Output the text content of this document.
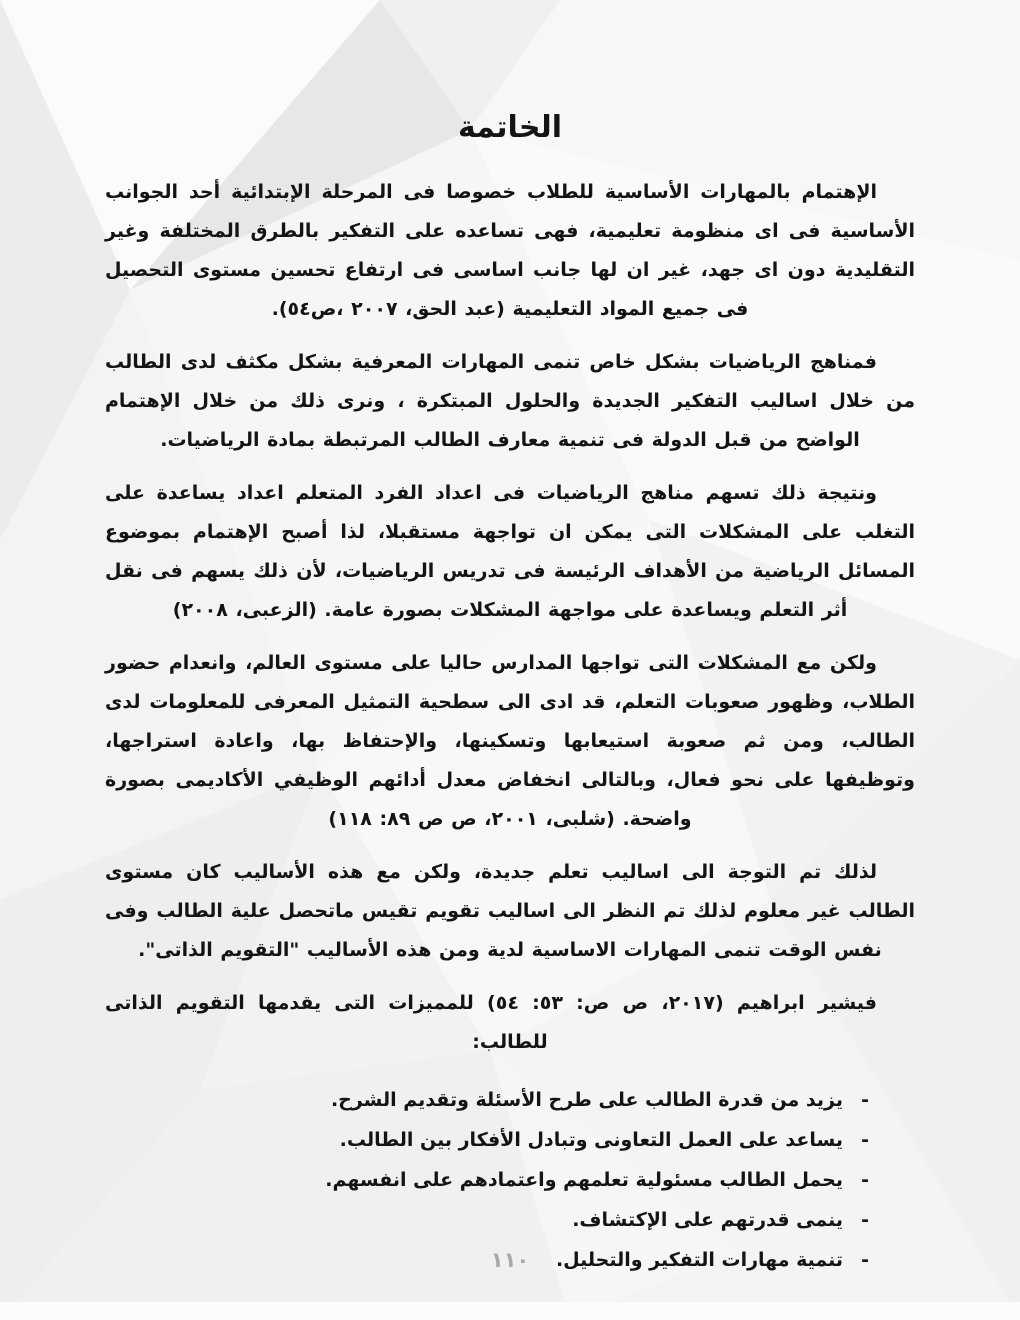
الخاتمة

الإهتمام بالمهارات الأساسية للطلاب خصوصا فى المرحلة الإبتدائية أحد الجوانب الأساسية فى اى منظومة تعليمية، فهى تساعده على التفكير بالطرق المختلفة وغير التقليدية دون اى جهد، غير ان لها جانب اساسى فى ارتفاع تحسين مستوى التحصيل فى جميع المواد التعليمية (عبد الحق، ٢٠٠٧ ،ص٥٤).

فمناهج الرياضيات بشكل خاص تنمى المهارات المعرفية بشكل مكثف لدى الطالب من خلال اساليب التفكير الجديدة والحلول المبتكرة ، ونرى ذلك من خلال الإهتمام الواضح من قبل الدولة فى تنمية معارف الطالب المرتبطة بمادة الرياضيات.

ونتيجة ذلك تسهم مناهج الرياضيات فى اعداد الفرد المتعلم اعداد يساعدة على التغلب على المشكلات التى يمكن ان تواجهة مستقبلا، لذا أصبح الإهتمام بموضوع المسائل الرياضية من الأهداف الرئيسة فى تدريس الرياضيات، لأن ذلك يسهم فى نقل أثر التعلم ويساعدة على مواجهة المشكلات بصورة عامة. (الزعبى، ٢٠٠٨)

ولكن مع المشكلات التى تواجها المدارس حاليا على مستوى العالم، وانعدام حضور الطلاب، وظهور صعوبات التعلم، قد ادى الى سطحية التمثيل المعرفى للمعلومات لدى الطالب، ومن ثم صعوبة استيعابها وتسكينها، والإحتفاظ بها، واعادة استراجها، وتوظيفها على نحو فعال، وبالتالى انخفاض معدل أدائهم الوظيفي الأكاديمى بصورة واضحة. (شلبى، ٢٠٠١، ص ص ٨٩: ١١٨)

لذلك تم التوجة الى اساليب تعلم جديدة، ولكن مع هذه الأساليب كان مستوى الطالب غير معلوم لذلك تم النظر الى اساليب تقويم تقيس ماتحصل علية الطالب وفى نفس الوقت تنمى المهارات الاساسية لدية ومن هذه الأساليب "التقويم الذاتى".

فيشير ابراهيم (٢٠١٧، ص ص: ٥٣: ٥٤) للمميزات التى يقدمها التقويم الذاتى للطالب:

-
يزيد من قدرة الطالب على طرح الأسئلة وتقديم الشرح.
-
يساعد على العمل التعاونى وتبادل الأفكار بين الطالب.
-
يحمل الطالب مسئولية تعلمهم واعتمادهم على انفسهم.
-
ينمى قدرتهم على الإكتشاف.
-
تنمية مهارات التفكير والتحليل.
١١٠
